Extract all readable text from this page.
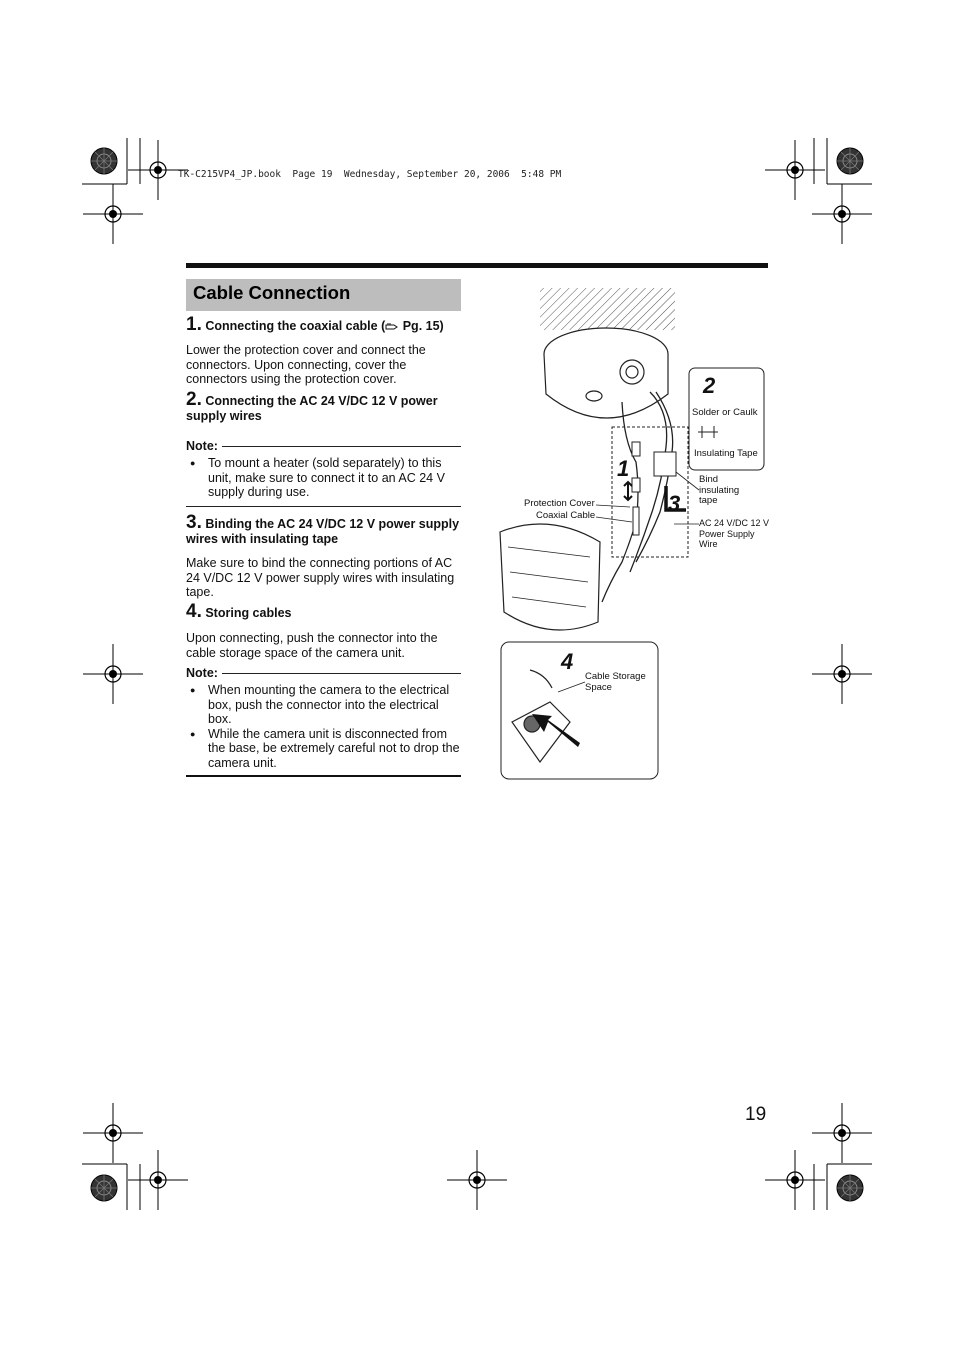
TK-C215VP4_JP.book  Page 19  Wednesday, September 20, 2006  5:48 PM
Cable Connection
1. Connecting the coaxial cable ( Pg. 15)
Lower the protection cover and connect the connectors. Upon connecting, cover the connectors using the protection cover.
2. Connecting the AC 24 V/DC 12 V power supply wires
Note:
●	To mount a heater (sold separately) to this unit, make sure to connect it to an AC 24 V supply during use.
3. Binding the AC 24 V/DC 12 V power supply wires with insulating tape
Make sure to bind the connecting portions of AC 24 V/DC 12 V power supply wires with insulating tape.
4. Storing cables
Upon connecting, push the connector into the cable storage space of the camera unit.
Note:
●	When mounting the camera to the electrical box, push the connector into the electrical box.
●	While the camera unit is disconnected from the base, be extremely careful not to drop the camera unit.
2
Solder or Caulk
Insulating Tape
Bind insulating tape
1
3
Protection Cover
Coaxial Cable
AC 24 V/DC 12 V Power Supply Wire
4
Cable Storage Space
19
